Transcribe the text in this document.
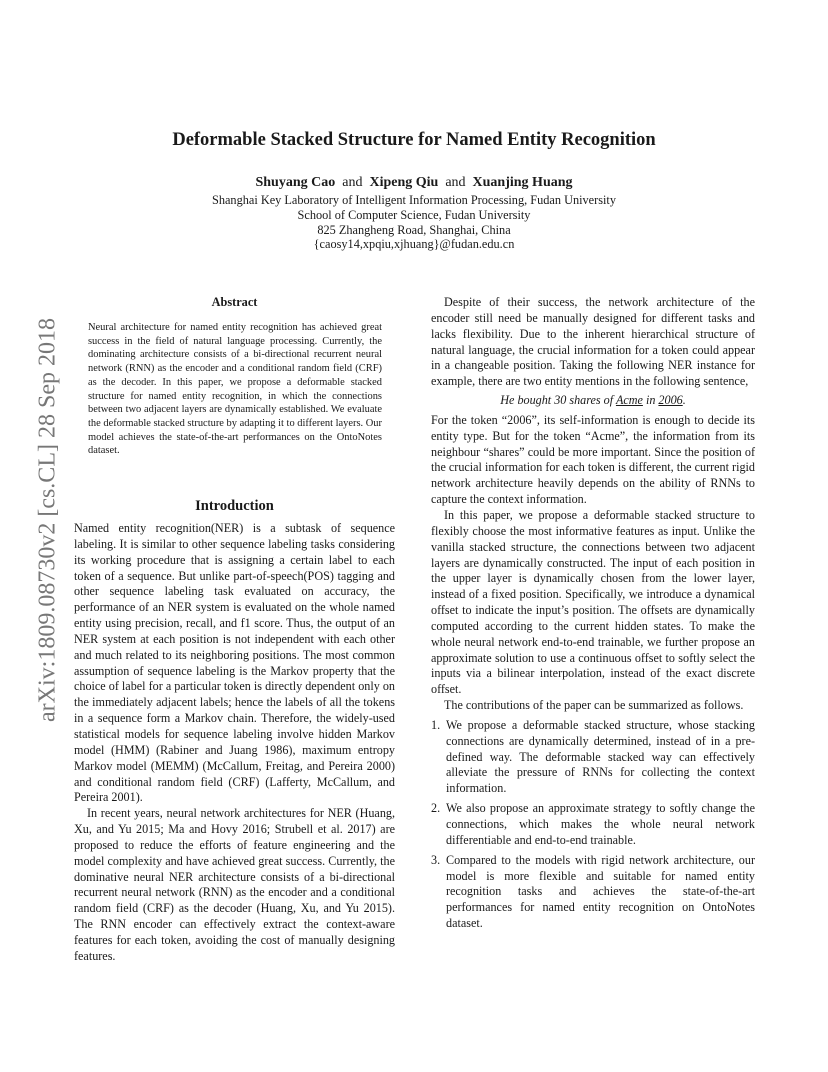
arXiv:1809.08730v2 [cs.CL] 28 Sep 2018
Deformable Stacked Structure for Named Entity Recognition
Shuyang Cao and Xipeng Qiu and Xuanjing Huang
Shanghai Key Laboratory of Intelligent Information Processing, Fudan University
School of Computer Science, Fudan University
825 Zhangheng Road, Shanghai, China
{caosy14,xpqiu,xjhuang}@fudan.edu.cn
Abstract
Neural architecture for named entity recognition has achieved great success in the field of natural language processing. Currently, the dominating architecture consists of a bi-directional recurrent neural network (RNN) as the encoder and a conditional random field (CRF) as the decoder. In this paper, we propose a deformable stacked structure for named entity recognition, in which the connections between two adjacent layers are dynamically established. We evaluate the deformable stacked structure by adapting it to different layers. Our model achieves the state-of-the-art performances on the OntoNotes dataset.
Introduction

Named entity recognition(NER) is a subtask of sequence labeling. It is similar to other sequence labeling tasks considering its working procedure that is assigning a certain label to each token of a sequence. But unlike part-of-speech(POS) tagging and other sequence labeling task evaluated on accuracy, the performance of an NER system is evaluated on the whole named entity using precision, recall, and f1 score. Thus, the output of an NER system at each position is not independent with each other and much related to its neighboring positions. The most common assumption of sequence labeling is the Markov property that the choice of label for a particular token is directly dependent only on the immediately adjacent labels; hence the labels of all the tokens in a sequence form a Markov chain. Therefore, the widely-used statistical models for sequence labeling involve hidden Markov model (HMM) (Rabiner and Juang 1986), maximum entropy Markov model (MEMM) (McCallum, Freitag, and Pereira 2000) and conditional random field (CRF) (Lafferty, McCallum, and Pereira 2001).

In recent years, neural network architectures for NER (Huang, Xu, and Yu 2015; Ma and Hovy 2016; Strubell et al. 2017) are proposed to reduce the efforts of feature engineering and the model complexity and have achieved great success. Currently, the dominative neural NER architecture consists of a bi-directional recurrent neural network (RNN) as the encoder and a conditional random field (CRF) as the decoder (Huang, Xu, and Yu 2015). The RNN encoder can effectively extract the context-aware features for each token, avoiding the cost of manually designing features.

Despite of their success, the network architecture of the encoder still need be manually designed for different tasks and lacks flexibility. Due to the inherent hierarchical structure of natural language, the crucial information for a token could appear in a changeable position. Taking the following NER instance for example, there are two entity mentions in the following sentence,

He bought 30 shares of Acme in 2006.

For the token “2006”, its self-information is enough to decide its entity type. But for the token “Acme”, the information from its neighbour “shares” could be more important. Since the position of the crucial information for each token is different, the current rigid network architecture heavily depends on the ability of RNNs to capture the context information.

In this paper, we propose a deformable stacked structure to flexibly choose the most informative features as input. Unlike the vanilla stacked structure, the connections between two adjacent layers are dynamically constructed. The input of each position in the upper layer is dynamically chosen from the lower layer, instead of a fixed position. Specifically, we introduce a dynamical offset to indicate the input’s position. The offsets are dynamically computed according to the current hidden states. To make the whole neural network end-to-end trainable, we further propose an approximate solution to use a continuous offset to softly select the inputs via a bilinear interpolation, instead of the exact discrete offset.

The contributions of the paper can be summarized as follows.

1. We propose a deformable stacked structure, whose stacking connections are dynamically determined, instead of in a pre-defined way. The deformable stacked way can effectively alleviate the pressure of RNNs for collecting the context information.
2. We also propose an approximate strategy to softly change the connections, which makes the whole neural network differentiable and end-to-end trainable.
3. Compared to the models with rigid network architecture, our model is more flexible and suitable for named entity recognition tasks and achieves the state-of-the-art performances for named entity recognition on OntoNotes dataset.
